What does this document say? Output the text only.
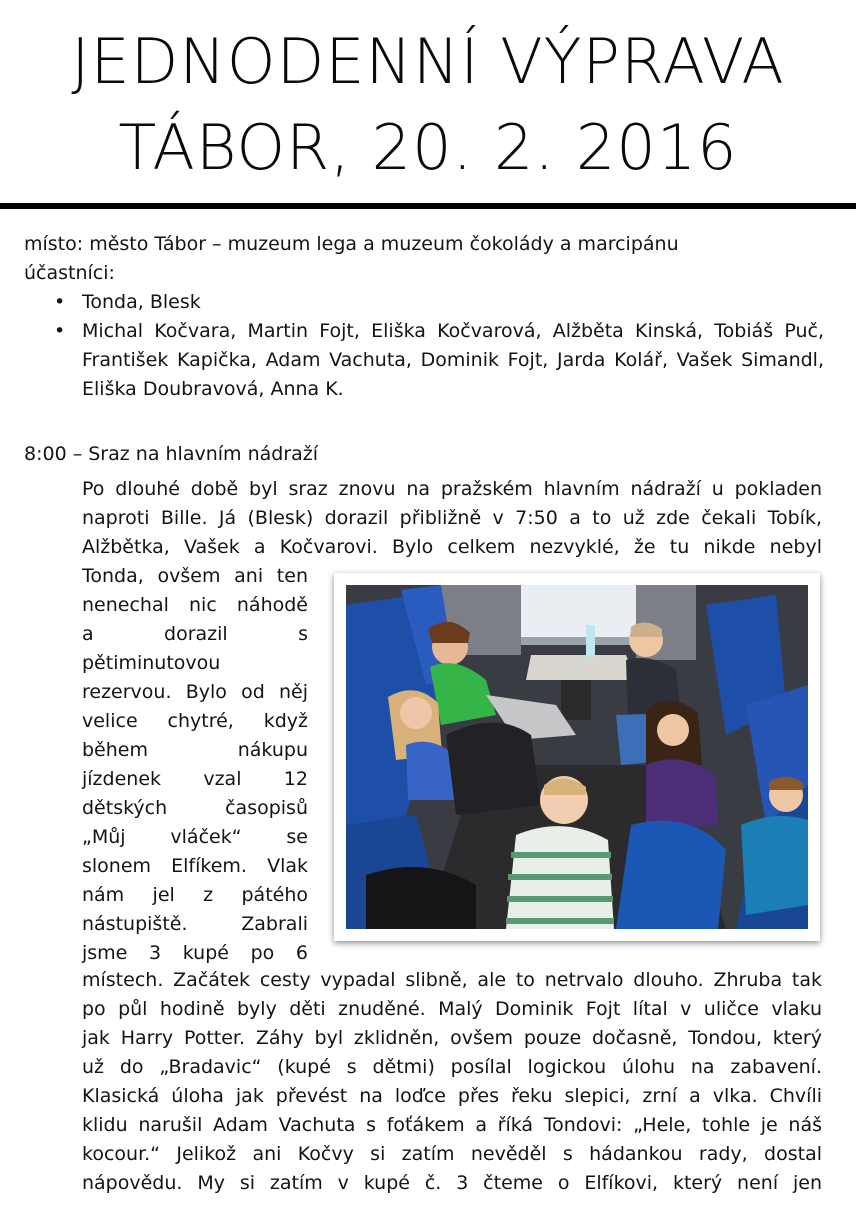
JEDNODENNÍ VÝPRAVA
TÁBOR, 20. 2. 2016

místo: město Tábor – muzeum lega a muzeum čokolády a marcipánu

účastníci:

• Tonda, Blesk
• Michal Kočvara, Martin Fojt, Eliška Kočvarová, Alžběta Kinská, Tobiáš Puč, František Kapička, Adam Vachuta, Dominik Fojt, Jarda Kolář, Vašek Simandl, Eliška Doubravová, Anna K.

8:00 – Sraz na hlavním nádraží

Po dlouhé době byl sraz znovu na pražském hlavním nádraží u pokladen
naproti Bille. Já (Blesk) dorazil přibližně v 7:50 a to už zde čekali Tobík,
Alžbětka, Vašek a Kočvarovi. Bylo celkem nezvyklé, že tu nikde nebyl

Tonda, ovšem ani ten
nenechal nic náhodě
a dorazil s
pětiminutovou
rezervou. Bylo od něj
velice chytré, když
během nákupu
jízdenek vzal 12
dětských časopisů
„Můj vláček“ se
slonem Elfíkem. Vlak
nám jel z pátého
nástupiště. Zabrali
jsme 3 kupé po 6

místech. Začátek cesty vypadal slibně, ale to netrvalo dlouho. Zhruba tak
po půl hodině byly děti znuděné. Malý Dominik Fojt lítal v uličce vlaku
jak Harry Potter. Záhy byl zklidněn, ovšem pouze dočasně, Tondou, který
už do „Bradavic“ (kupé s dětmi) posílal logickou úlohu na zabavení.
Klasická úloha jak převést na loďce přes řeku slepici, zrní a vlka. Chvíli
klidu narušil Adam Vachuta s foťákem a říká Tondovi: „Hele, tohle je náš
kocour.“ Jelikož ani Kočvy si zatím nevěděl s hádankou rady, dostal
nápovědu. My si zatím v kupé č. 3 čteme o Elfíkovi, který není jen
